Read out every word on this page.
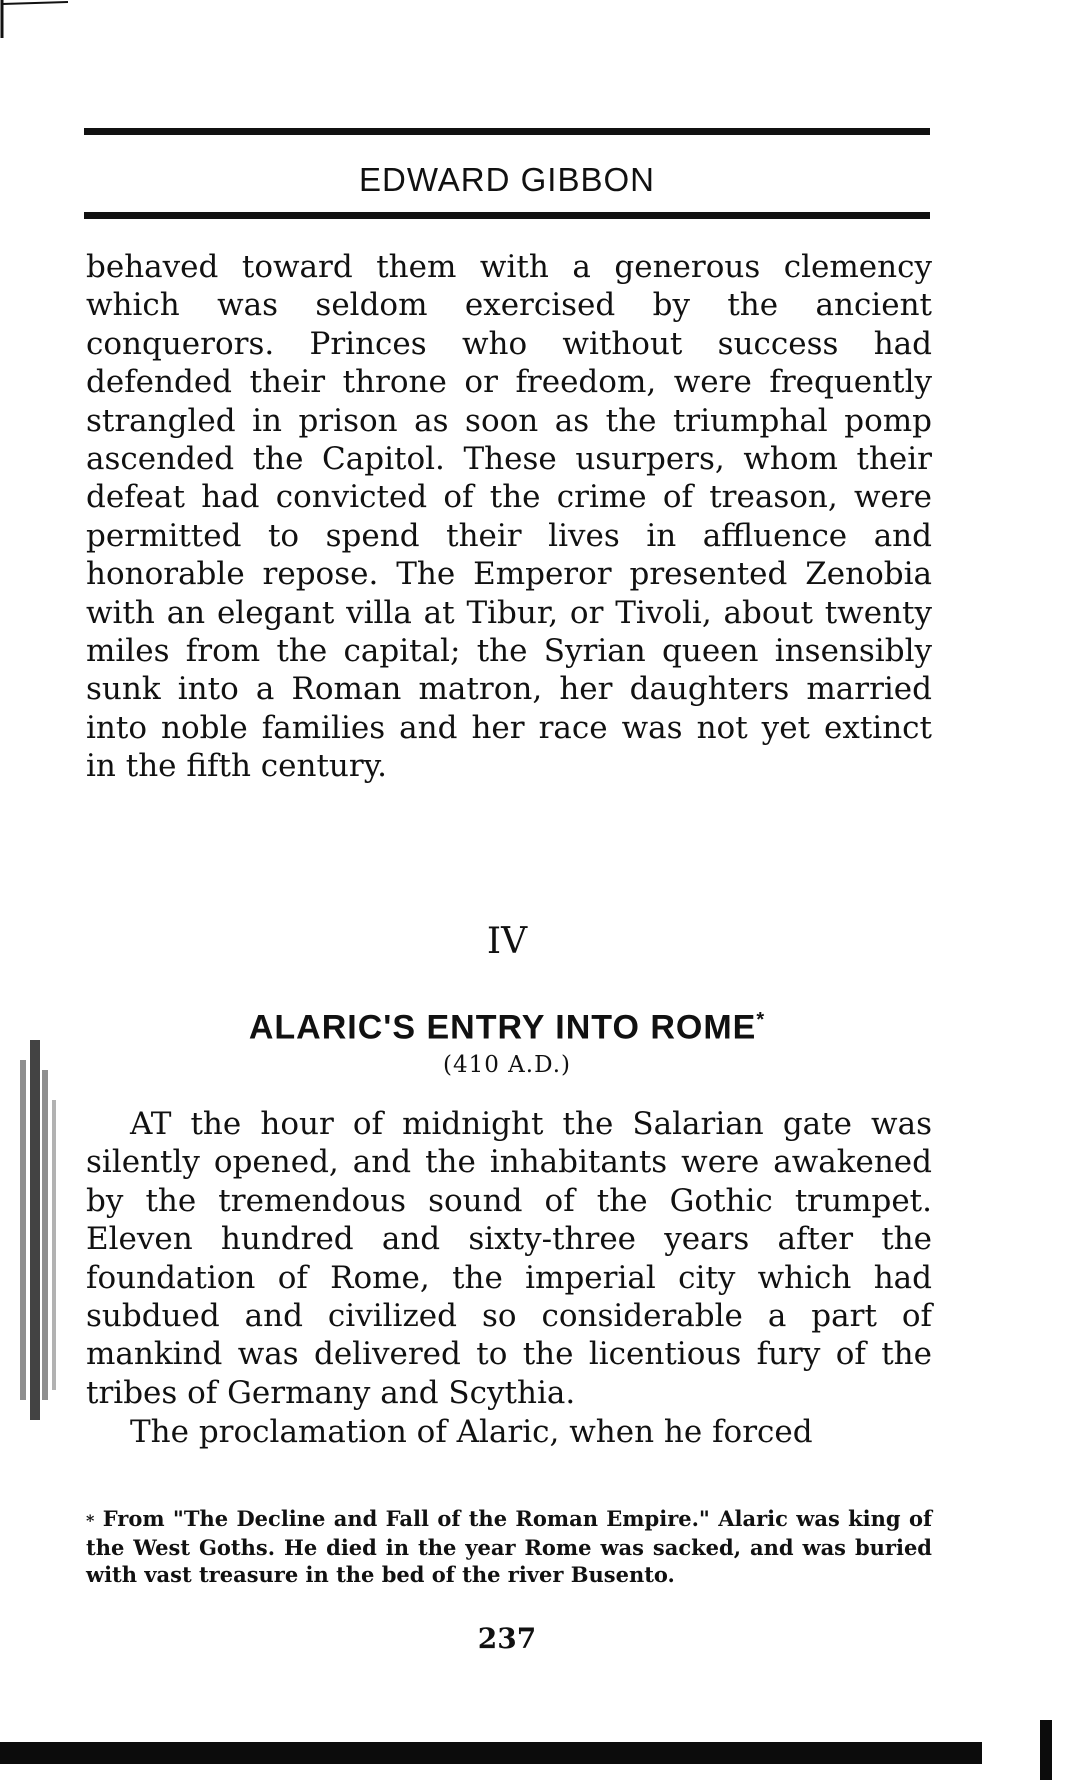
EDWARD GIBBON
behaved toward them with a generous clemency which was seldom exercised by the ancient conquerors. Princes who without success had defended their throne or freedom, were frequently strangled in prison as soon as the triumphal pomp ascended the Capitol. These usurpers, whom their defeat had convicted of the crime of treason, were permitted to spend their lives in affluence and honorable repose. The Emperor presented Zenobia with an elegant villa at Tibur, or Tivoli, about twenty miles from the capital; the Syrian queen insensibly sunk into a Roman matron, her daughters married into noble families and her race was not yet extinct in the fifth century.
IV
ALARIC'S ENTRY INTO ROME*
(410 A.D.)
AT the hour of midnight the Salarian gate was silently opened, and the inhabitants were awakened by the tremendous sound of the Gothic trumpet. Eleven hundred and sixty-three years after the foundation of Rome, the imperial city which had subdued and civilized so considerable a part of mankind was delivered to the licentious fury of the tribes of Germany and Scythia.
The proclamation of Alaric, when he forced
* From "The Decline and Fall of the Roman Empire." Alaric was king of the West Goths. He died in the year Rome was sacked, and was buried with vast treasure in the bed of the river Busento.
237
